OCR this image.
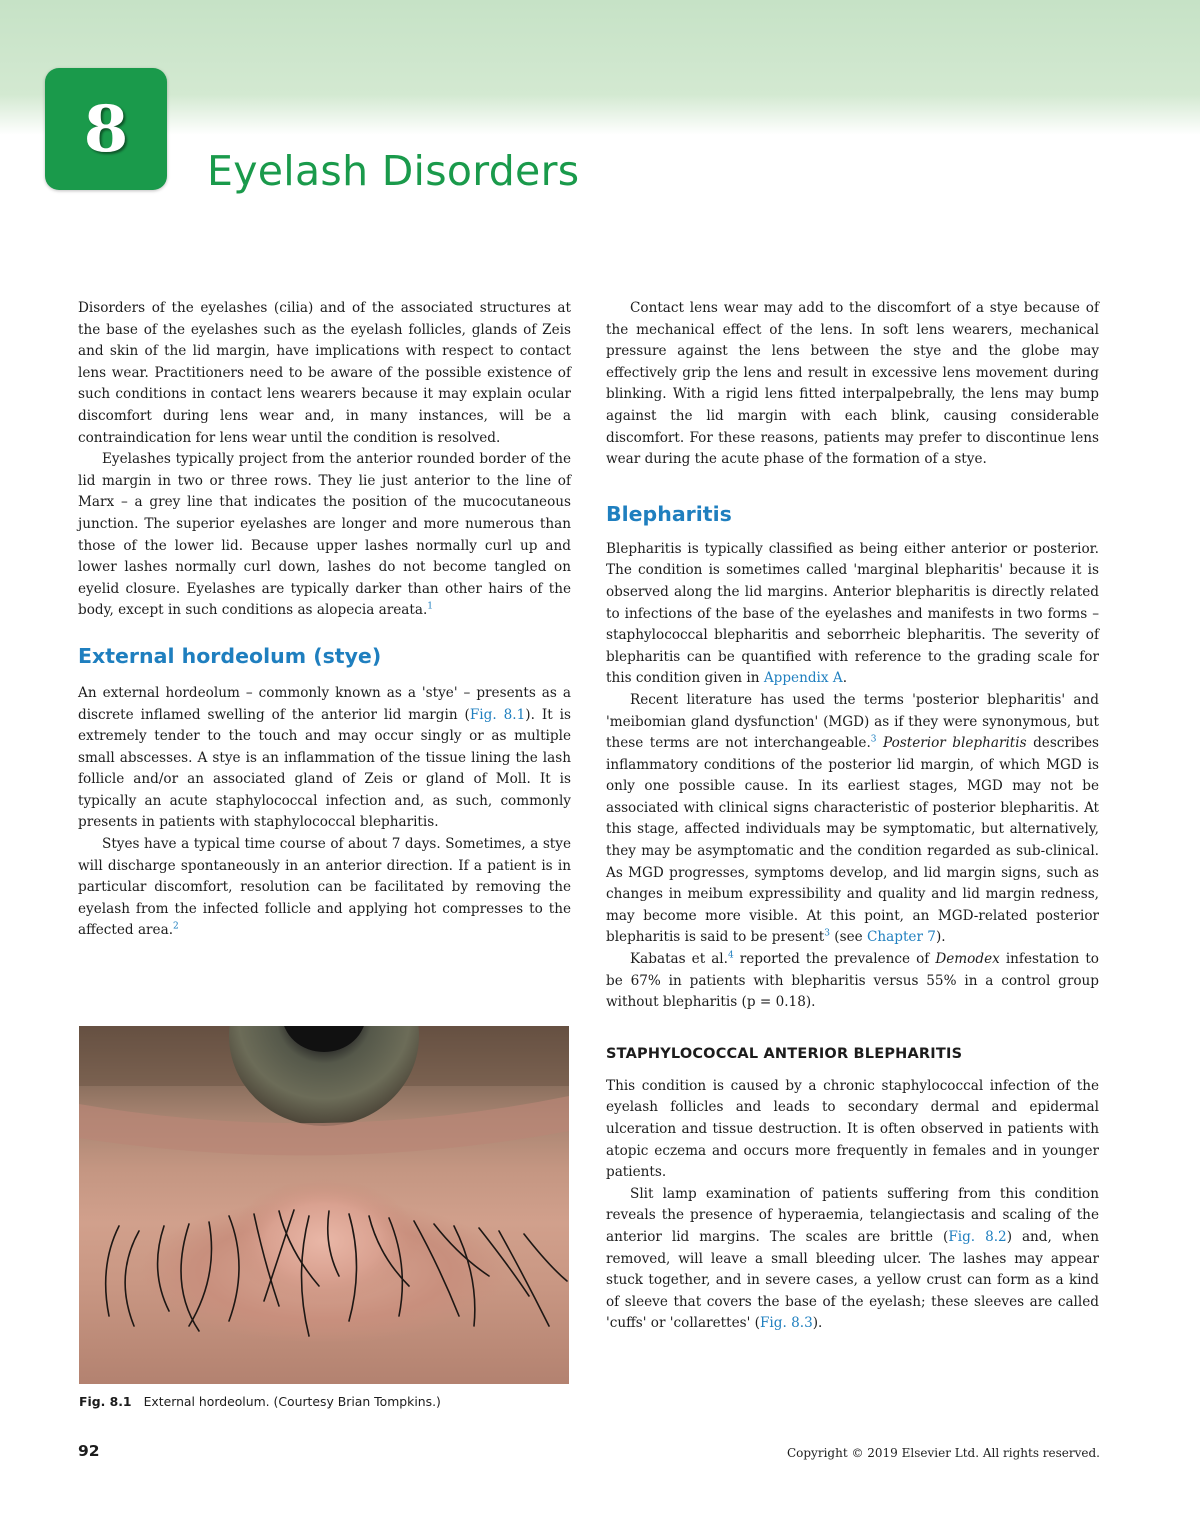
8
Eyelash Disorders

Disorders of the eyelashes (cilia) and of the associated structures at the base of the eyelashes such as the eyelash follicles, glands of Zeis and skin of the lid margin, have implications with respect to contact lens wear. Practitioners need to be aware of the possible existence of such conditions in contact lens wearers because it may explain ocular discomfort during lens wear and, in many instances, will be a contraindication for lens wear until the condition is resolved.

Eyelashes typically project from the anterior rounded border of the lid margin in two or three rows. They lie just anterior to the line of Marx – a grey line that indicates the position of the mucocutaneous junction. The superior eyelashes are longer and more numerous than those of the lower lid. Because upper lashes normally curl up and lower lashes normally curl down, lashes do not become tangled on eyelid closure. Eyelashes are typically darker than other hairs of the body, except in such conditions as alopecia areata.$^1$

External hordeolum (stye)

An external hordeolum – commonly known as a 'stye' – presents as a discrete inflamed swelling of the anterior lid margin (Fig. 8.1). It is extremely tender to the touch and may occur singly or as multiple small abscesses. A stye is an inflammation of the tissue lining the lash follicle and/or an associated gland of Zeis or gland of Moll. It is typically an acute staphylococcal infection and, as such, commonly presents in patients with staphylococcal blepharitis.

Styes have a typical time course of about 7 days. Sometimes, a stye will discharge spontaneously in an anterior direction. If a patient is in particular discomfort, resolution can be facilitated by removing the eyelash from the infected follicle and applying hot compresses to the affected area.$^2$

Fig. 8.1 External hordeolum. (Courtesy Brian Tompkins.)

Contact lens wear may add to the discomfort of a stye because of the mechanical effect of the lens. In soft lens wearers, mechanical pressure against the lens between the stye and the globe may effectively grip the lens and result in excessive lens movement during blinking. With a rigid lens fitted interpalpebrally, the lens may bump against the lid margin with each blink, causing considerable discomfort. For these reasons, patients may prefer to discontinue lens wear during the acute phase of the formation of a stye.

Blepharitis

Blepharitis is typically classified as being either anterior or posterior. The condition is sometimes called 'marginal blepharitis' because it is observed along the lid margins. Anterior blepharitis is directly related to infections of the base of the eyelashes and manifests in two forms – staphylococcal blepharitis and seborrheic blepharitis. The severity of blepharitis can be quantified with reference to the grading scale for this condition given in Appendix A.

Recent literature has used the terms 'posterior blepharitis' and 'meibomian gland dysfunction' (MGD) as if they were synonymous, but these terms are not interchangeable.$^3$ Posterior blepharitis describes inflammatory conditions of the posterior lid margin, of which MGD is only one possible cause. In its earliest stages, MGD may not be associated with clinical signs characteristic of posterior blepharitis. At this stage, affected individuals may be symptomatic, but alternatively, they may be asymptomatic and the condition regarded as sub-clinical. As MGD progresses, symptoms develop, and lid margin signs, such as changes in meibum expressibility and quality and lid margin redness, may become more visible. At this point, an MGD-related posterior blepharitis is said to be present$^3$ (see Chapter 7).

Kabatas et al.$^4$ reported the prevalence of Demodex infestation to be 67% in patients with blepharitis versus 55% in a control group without blepharitis (p = 0.18).

STAPHYLOCOCCAL ANTERIOR BLEPHARITIS

This condition is caused by a chronic staphylococcal infection of the eyelash follicles and leads to secondary dermal and epidermal ulceration and tissue destruction. It is often observed in patients with atopic eczema and occurs more frequently in females and in younger patients.

Slit lamp examination of patients suffering from this condition reveals the presence of hyperaemia, telangiectasis and scaling of the anterior lid margins. The scales are brittle (Fig. 8.2) and, when removed, will leave a small bleeding ulcer. The lashes may appear stuck together, and in severe cases, a yellow crust can form as a kind of sleeve that covers the base of the eyelash; these sleeves are called 'cuffs' or 'collarettes' (Fig. 8.3).

92	Copyright © 2019 Elsevier Ltd. All rights reserved.
